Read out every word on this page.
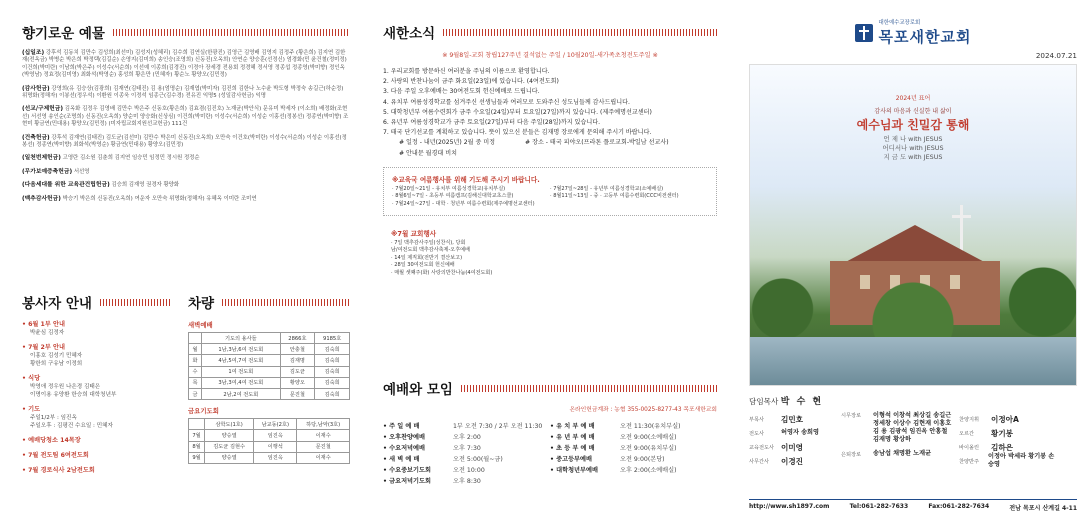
향기로운 예물
(십일조) 강후석 김동치 김만수 김성희(최선미) 김성지(성혜리) 김수희 김연실(한광진) 김영근 김영배 김영지 김정주 (황은희) 김지연 김한재(전옥금) 박병순 박은희 박정택(김길순) 손영지(김미희) 송인승(조영희) 신동진(오옥희) 안연순 양승훈(선정신) 엄경화(민 윤건철(정미정) 이건희(박미란) 이남희(박은주) 이성수(서순희) 이선예 이종희(김경진) 이정아 장세경 전용회 정경혜 정서영 정종섭 정종영(박미향) 정인옥(박영남) 정효정(김미영) 최화석(박영순) 홍성희 황은만 (민혜자) 황순노 황양오(김민정)
(감사헌금) 강영희(유 김승상(김광희) 김재연(김태진) 김 용(엄명순) 김재엽(박미자) 김진희 김한나 노수윤 박도형 박정숙 송길근(하순정) 위명화(정해자) 이봉선(정우석) 이환원 이종욱 이정석 임종근(김수경) 전유진 익명5 (성일감사헌금) 익명
(선교/구제헌금) 김옥화 김정우 김영배 김만수 박은주 신동호(황은희) 김효겸(김진호) 노재균(박안식) 문유미 박세자 (이소희) 배정화(조현선) 서선영 송인순(조명희) 신동진(오옥희) 양순미 양승화(신상심) 이건희(박미란) 이성수(서순희) 이성순 이홍선(정봉선) 정종연(박미향) 조현미 황금연(민대용) 황양오(김민정) (미자립교회지원선교헌금) 111건
(건축헌금) 강후석 김재연(김태진) 김도균(김선미) 김만수 박은미 신동진(오옥희) 오만숙 이건호(박미란) 이성수(서순희) 이성순 이홍선(정봉선) 정종연(박미향) 최화석(박영순) 황금연(민대용) 황양오(김민정)
(일천번제헌금) 고영란 김소원 김춘희 김지연 임승민 임정민 정시원 정정순
(무가보예증축헌금) 서선영
(다음세대를 위한 교육관건립헌금) 김승희 김재영 권경자 황양화
(맥추감사헌금) 박승기 박은희 신동진(오옥희) 여운자 오만숙 위명화(정해자) 유혜옥 이미란 조미연
봉사자 안내
• 6월 1부 안내
박윤심 김정자
• 7월 2부 안내
이홍호 김성기 민혜자
황한희 구유남 이정희
• 식당
박영애 정우원 나은경 김태은
이명이용 유양환 한승희 대학청년부
• 기도
주일1/2부 : 임진옥
주일오후 : 김평건 수요일 : 민혜자
• 예배당청소 14목장
• 7월 전도팀 6여전도회
• 7월 경로식사 2남전도회
차량
새벽예배
	기도의 용사들	2866호	9185호
월	1남,3남,6여 전도회	안충철	김숙희
화	4남,5여,7여 전도회	김재명	김숙희
수	1여 전도회	김도균	김숙희
목	3남,3여,4여 전도회	황양오	김숙희
금	2남,2여 전도회	문진철	김숙희
금요기도회
	삼학도(1호)	남교동(2호)	하당,남악(3호)
7월	양승열	임진옥	이재수
8월	김도균 김현수	이행석	문진철
9월	양승열	임진옥	이재수
새한소식
※ 9월8일-교회 창립127주년 결석없는 주일 / 10월20일-새가족초청전도주일 ※
1. 우리교회를 방문하신 여러분을 주님의 이름으로 환영합니다.
2. 사랑의 반찬나눔이 금주 화요일(23일)에 있습니다. (4여전도회)
3. 다음 주일 오후예배는 30여전도회 헌신예배로 드립니다.
4. 유치부 여름성경학교를 섬겨주신 선생님들과 여러모로 도와주신 성도님들께 감사드립니다.
5. 대학청년부 여름수련회가 금주 수요일(24일)부터 토요일(27일)까지 있습니다. (제주예명선교센터)
6. 유년부 여름성경학교가 금주 토요일(27일)부터 다음 주일(28일)까지 있습니다.
7. 태국 단기선교를 계획하고 있습니다. 뜻이 있으신 분들은 김재명 장로에게 문의해 주시기 바랍니다.
# 일정 - 내년(2025년) 2월 중 미정	# 장소 - 태국 피야오(프라톤 플로교회-박일남 선교사)
# 안내문 월경대 비치
※교육국 여름행사를 위해 기도해 주시기 바랍니다.
· 7월20일~21일 - 유치부 여름성경학교(유치부실)
· 8월6일~7일 - 초등부 여름캠프(김해신대학교초스쿨)
· 7월24일~27일 - 대학 · 청년부 여름수련회(제주예명선교센터)
· 7월27일~28일 - 유년부 여름성경학교(소예배실)
· 8월11일~13일 - 중 · 고등부 여름수련회(CCC비전센터)
※7월 교회행사
· 7일 맥추감사주일(성찬식), 당회
남/여전도회 맥추감사축제-오후예배
· 14일 제직회(전반기 결산보고)
· 28일 30여전도회 헌신예배
· 매월 셋째주(화) 사랑의반찬나눔(4여전도회)
예배와 모임
온라인헌금계좌 : 농협 355-0025-8277-43 목포새한교회
• 주 일 예 배	1부 오전 7:30 / 2부 오전 11:30
• 오후찬양예배	오후 2:00
• 수요저녁예배	오후 7:30
• 새 벽 예 배	오전 5:00(월~금)
• 수요중보기도회	오전 10:00
• 금요저녁기도회	오후 8:30
• 유 치 부 예 배	오전 11:30(유치부실)
• 유 년 부 예 배	오전 9:00(소예배실)
• 초 등 부 예 배	오전 9:00(유치부실)
• 중고등부예배	오전 9:00(본당)
• 대학청년부예배	오후 2:00(소예배실)
대한예수교장로회
목포새한교회
2024.07.21
2024년 표어
감사의 마음과 신실한 내 삶이
예수님과 친밀감 통해
언 제 나 with JESUS
어디서나 with JESUS
지 금 도 with JESUS
담임목사 박 수 현
부목사	김민호
전도사	허영자 송희영
교육전도사 이미영
사무간사	이경진
시무장로	이형석 이창석 최상길 송길근
정세창 이상수 김현재 이홍호
김 용 김광석 임진옥 안홍철
김재명 황상하
은퇴장로	송남섭 채명환 노재균
찬양지휘	이정아A
오르간	황기봉
바이올린	김하은
찬양반주
이정아 박세라 황기봉 손승영
http://www.sh1897.com	Tel:061-282-7633	Fax:061-282-7634	전남 목포시 산계길 4-11
